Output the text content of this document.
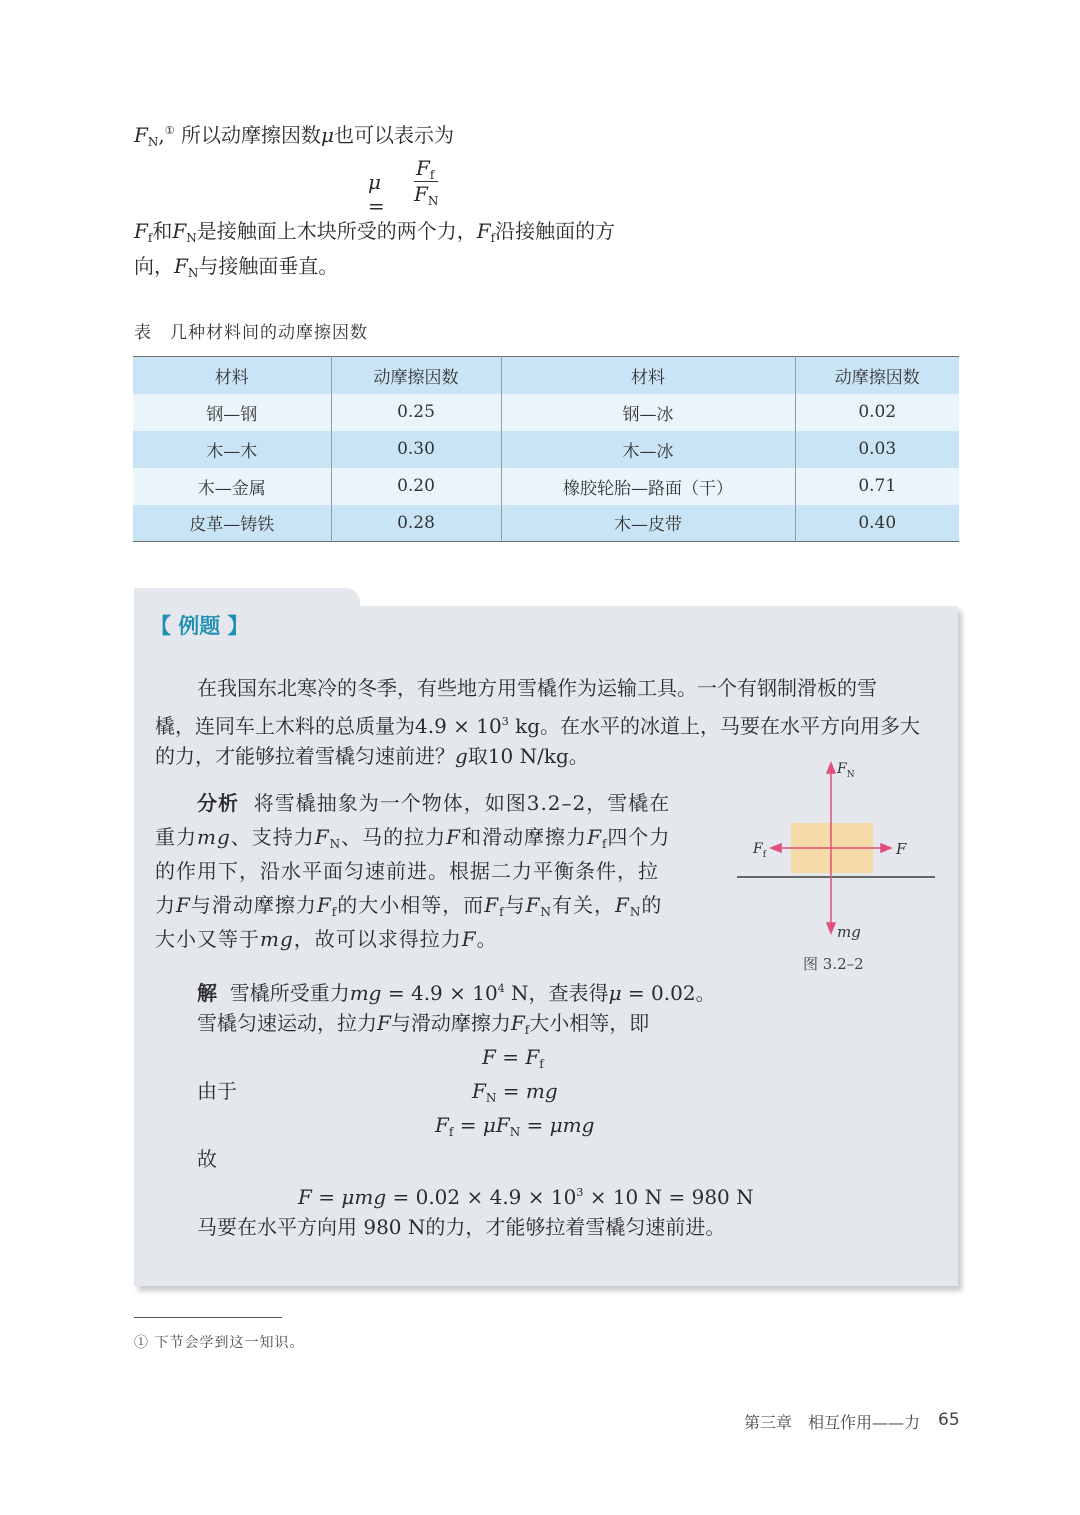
$F_N,^①$ 所以动摩擦因数μ也可以表示为
μ =
$F_f$
$F_N$
$F_f$和$F_N$是接触面上木块所受的两个力，$F_f$沿接触面的方
向，$F_N$与接触面垂直。
表　几种材料间的动摩擦因数
材料	动摩擦因数	材料	动摩擦因数
钢—钢	0.25	钢—冰	0.02
木—木	0.30	木—冰	0.03
木—金属	0.20	橡胶轮胎—路面（干）	0.71
皮革—铸铁	0.28	木—皮带	0.40
【 例题 】
在我国东北寒冷的冬季，有些地方用雪橇作为运输工具。一个有钢制滑板的雪
橇，连同车上木料的总质量为$4.9 \times 10^3$ kg。在水平的冰道上，马要在水平方向用多大
的力，才能够拉着雪橇匀速前进？g取10 N/kg。
分析 将雪橇抽象为一个物体，如图3.2–2，雪橇在
重力mg、支持力$F_N$、马的拉力F和滑动摩擦力$F_f$四个力
的作用下，沿水平面匀速前进。根据二力平衡条件，拉
力F与滑动摩擦力$F_f$的大小相等，而$F_f$与$F_N$有关，$F_N$的
大小又等于mg，故可以求得拉力F。
解 雪橇所受重力mg = $4.9 \times 10^4$ N，查表得μ = 0.02。
雪橇匀速运动，拉力F与滑动摩擦力$F_f$大小相等，即
$F = F_f$
由于	$F_N$ = mg
$F_f = \mu F_N = \mu mg$
故
$F = \mu mg = 0.02 \times 4.9 \times 10^3 \times 10$ N = 980 N
马要在水平方向用 980 N的力，才能够拉着雪橇匀速前进。
$F_N$
$F_f$	F
mg
图 3.2–2
① 下节会学到这一知识。
第三章　相互作用——力 65
